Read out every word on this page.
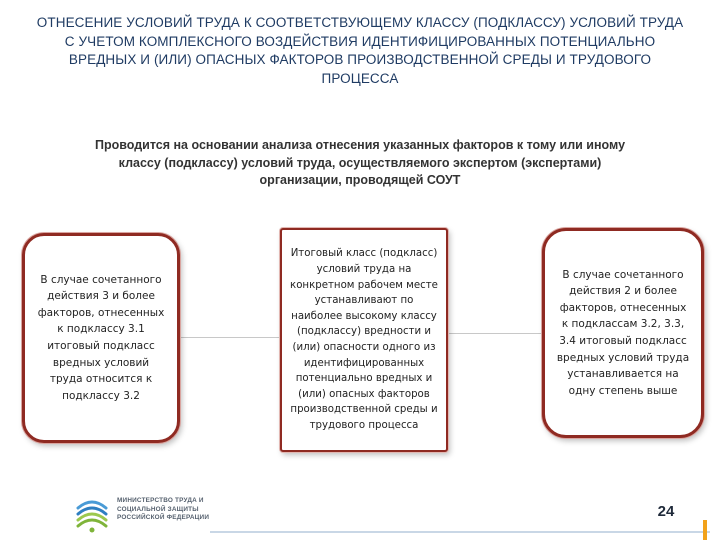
ОТНЕСЕНИЕ УСЛОВИЙ ТРУДА К СООТВЕТСТВУЮЩЕМУ КЛАССУ (ПОДКЛАССУ) УСЛОВИЙ ТРУДА С УЧЕТОМ КОМПЛЕКСНОГО ВОЗДЕЙСТВИЯ ИДЕНТИФИЦИРОВАННЫХ ПОТЕНЦИАЛЬНО ВРЕДНЫХ И (ИЛИ) ОПАСНЫХ ФАКТОРОВ ПРОИЗВОДСТВЕННОЙ СРЕДЫ И ТРУДОВОГО ПРОЦЕССА
Проводится на основании анализа отнесения указанных факторов к тому или иному классу (подклассу) условий труда, осуществляемого экспертом (экспертами) организации, проводящей СОУТ
В случае сочетанного действия 3 и более факторов, отнесенных к подклассу 3.1 итоговый подкласс вредных условий труда относится к подклассу 3.2
Итоговый класс (подкласс) условий труда на конкретном рабочем месте устанавливают по наиболее высокому классу (подклассу) вредности и (или) опасности одного из идентифицированных потенциально вредных и (или) опасных факторов производственной среды и трудового процесса
В случае сочетанного действия 2 и более факторов, отнесенных к подклассам 3.2, 3.3, 3.4 итоговый подкласс вредных условий труда устанавливается на одну степень выше
МИНИСТЕРСТВО ТРУДА И СОЦИАЛЬНОЙ ЗАЩИТЫ РОССИЙСКОЙ ФЕДЕРАЦИИ	24
